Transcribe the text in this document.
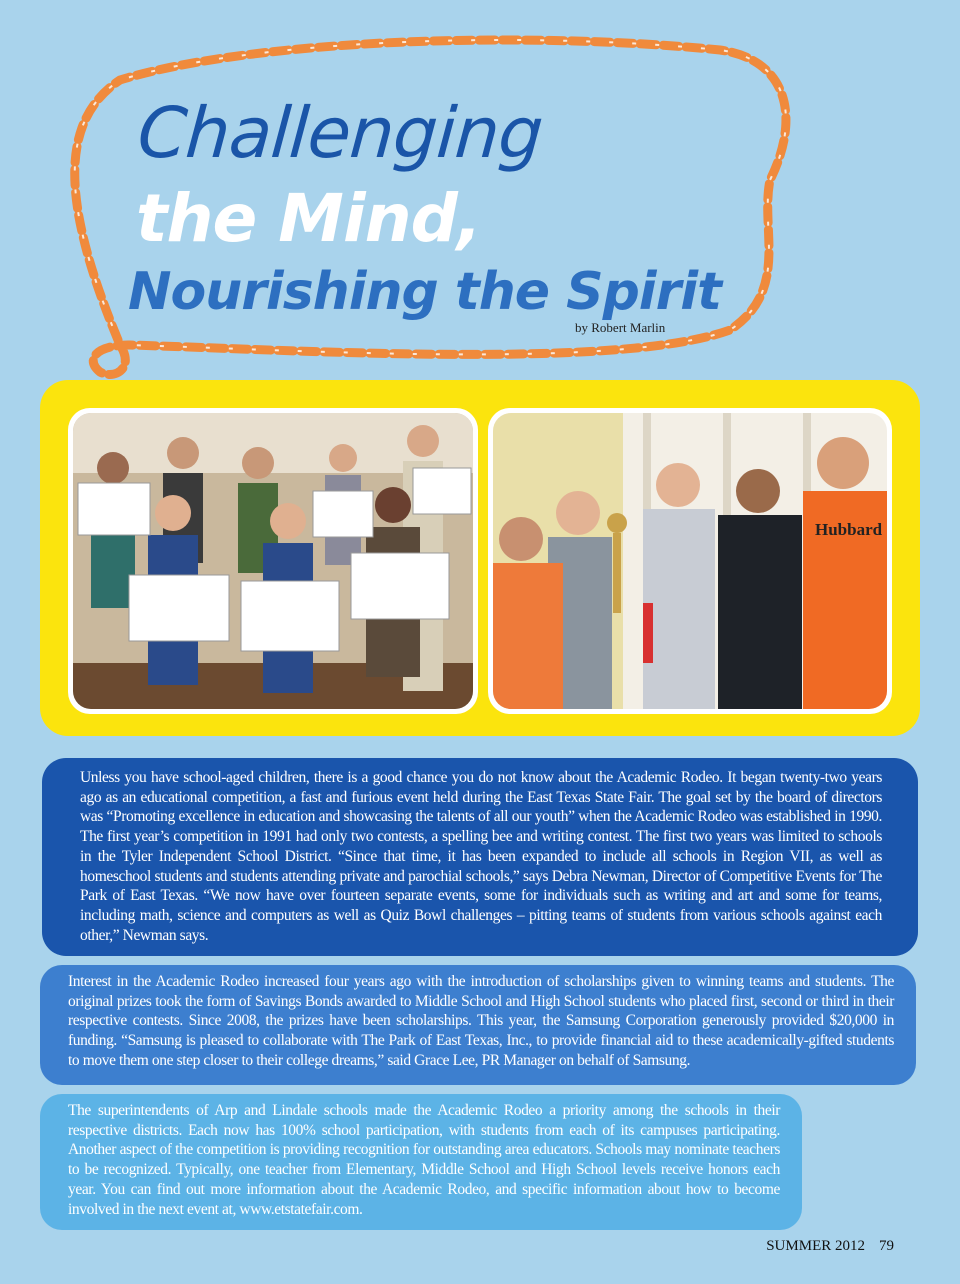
Challenging
the Mind,
Nourishing the Spirit
by Robert Marlin
Hubbard

Unless you have school-aged children, there is a good chance you do not know about the Academic Rodeo. It began twenty-two years ago as an educational competition, a fast and furious event held during the East Texas State Fair. The goal set by the board of directors was “Promoting excellence in education and showcasing the talents of all our youth” when the Academic Rodeo was established in 1990. The first year’s competition in 1991 had only two contests, a spelling bee and writing contest. The first two years was limited to schools in the Tyler Independent School District. “Since that time, it has been expanded to include all schools in Region VII, as well as homeschool students and students attending private and parochial schools,” says Debra Newman, Director of Competitive Events for The Park of East Texas. “We now have over fourteen separate events, some for individuals such as writing and art and some for teams, including math, science and computers as well as Quiz Bowl challenges – pitting teams of students from various schools against each other,” Newman says.

Interest in the Academic Rodeo increased four years ago with the introduction of scholarships given to winning teams and students. The original prizes took the form of Savings Bonds awarded to Middle School and High School students who placed first, second or third in their respective contests. Since 2008, the prizes have been scholarships. This year, the Samsung Corporation generously provided $20,000 in funding. “Samsung is pleased to collaborate with The Park of East Texas, Inc., to provide financial aid to these academically-gifted students to move them one step closer to their college dreams,” said Grace Lee, PR Manager on behalf of Samsung.

The superintendents of Arp and Lindale schools made the Academic Rodeo a priority among the schools in their respective districts. Each now has 100% school participation, with students from each of its campuses participating. Another aspect of the competition is providing recognition for outstanding area educators. Schools may nominate teachers to be recognized. Typically, one teacher from Elementary, Middle School and High School levels receive honors each year. You can find out more information about the Academic Rodeo, and specific information about how to become involved in the next event at, www.etstatefair.com.

SUMMER 2012 79
